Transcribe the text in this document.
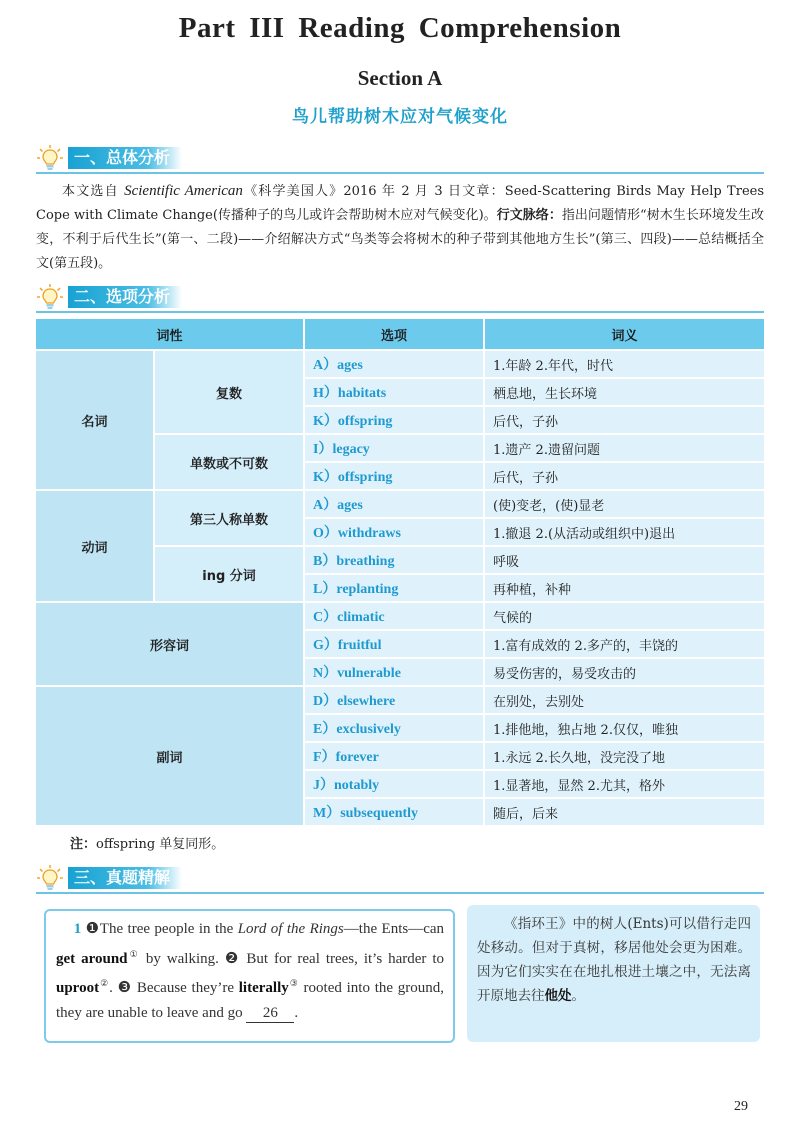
Part III Reading Comprehension
Section A
鸟儿帮助树木应对气候变化
一、总体分析
本文选自 Scientific American《科学美国人》2016 年 2 月 3 日文章：Seed-Scattering Birds May Help Trees Cope with Climate Change(传播种子的鸟儿或许会帮助树木应对气候变化)。行文脉络：指出问题情形“树木生长环境发生改变，不利于后代生长”(第一、二段)——介绍解决方式“鸟类等会将树木的种子带到其他地方生长”(第三、四段)——总结概括全文(第五段)。
二、选项分析
词性		选项	词义
名词	复数	A）ages	1.年龄 2.年代，时代
		H）habitats	栖息地，生长环境
		K）offspring	后代，子孙
	单数或不可数	I）legacy	1.遗产 2.遗留问题
		K）offspring	后代，子孙
动词	第三人称单数	A）ages	(使)变老，(使)显老
		O）withdraws	1.撤退 2.(从活动或组织中)退出
	ing 分词	B）breathing	呼吸
		L）replanting	再种植，补种
形容词		C）climatic	气候的
		G）fruitful	1.富有成效的 2.多产的，丰饶的
		N）vulnerable	易受伤害的，易受攻击的
副词		D）elsewhere	在别处，去别处
		E）exclusively	1.排他地，独占地 2.仅仅，唯独
		F）forever	1.永远 2.长久地，没完没了地
		J）notably	1.显著地，显然 2.尤其，格外
		M）subsequently	随后，后来
注：offspring 单复同形。
三、真题精解
1 ❶The tree people in the Lord of the Rings—the Ents—can get around① by walking. ❷ But for real trees, it’s harder to uproot②. ❸ Because they’re literally③ rooted into the ground, they are unable to leave and go 26 .
《指环王》中的树人(Ents)可以借行走四处移动。但对于真树，移居他处会更为困难。因为它们实实在在地扎根进土壤之中，无法离开原地去往他处。
29
